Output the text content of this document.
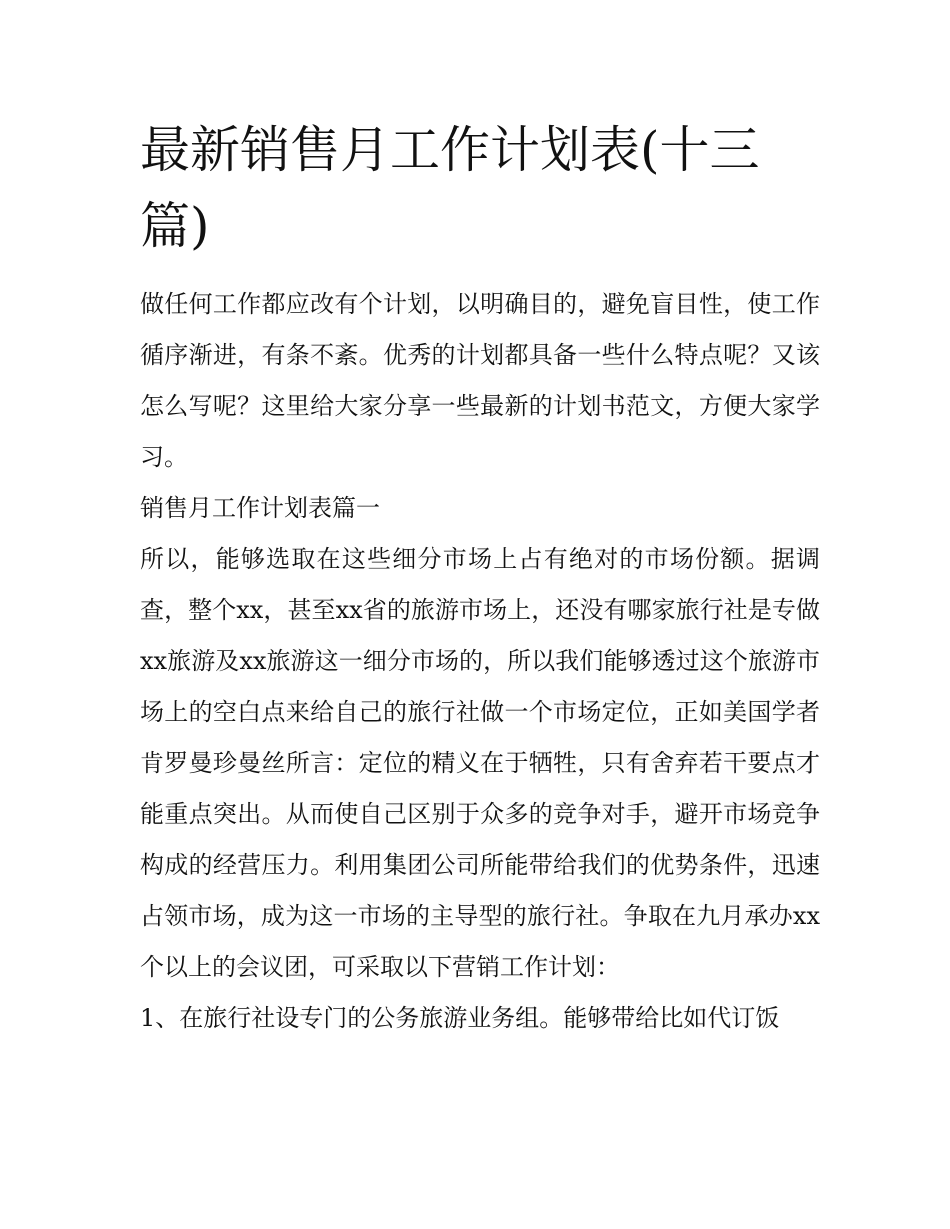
最新销售月工作计划表(十三篇)

做任何工作都应改有个计划，以明确目的，避免盲目性，使工作循序渐进，有条不紊。优秀的计划都具备一些什么特点呢？又该怎么写呢？这里给大家分享一些最新的计划书范文，方便大家学习。

销售月工作计划表篇一

所以，能够选取在这些细分市场上占有绝对的市场份额。据调查，整个xx，甚至xx省的旅游市场上，还没有哪家旅行社是专做xx旅游及xx旅游这一细分市场的，所以我们能够透过这个旅游市场上的空白点来给自己的旅行社做一个市场定位，正如美国学者肯罗曼珍曼丝所言：定位的精义在于牺牲，只有舍弃若干要点才能重点突出。从而使自己区别于众多的竞争对手，避开市场竞争构成的经营压力。利用集团公司所能带给我们的优势条件，迅速占领市场，成为这一市场的主导型的旅行社。争取在九月承办xx个以上的会议团，可采取以下营销工作计划：

1、在旅行社设专门的公务旅游业务组。能够带给比如代订饭
